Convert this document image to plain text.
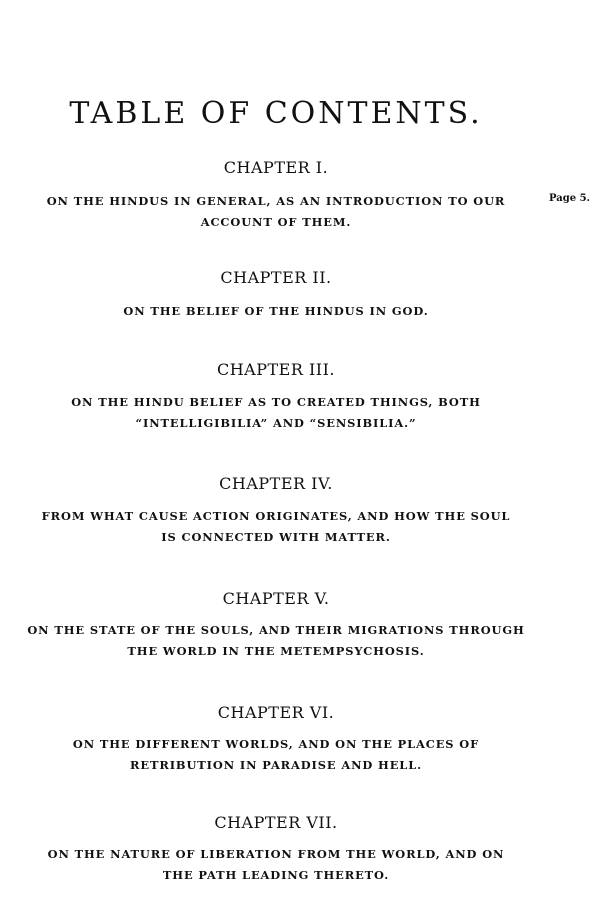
TABLE OF CONTENTS.
CHAPTER I.
ON THE HINDUS IN GENERAL, AS AN INTRODUCTION TO OUR
ACCOUNT OF THEM.
Page 5.
CHAPTER II.
ON THE BELIEF OF THE HINDUS IN GOD.
CHAPTER III.
ON THE HINDU BELIEF AS TO CREATED THINGS, BOTH
“INTELLIGIBILIA” AND “SENSIBILIA.”
CHAPTER IV.
FROM WHAT CAUSE ACTION ORIGINATES, AND HOW THE SOUL
IS CONNECTED WITH MATTER.
CHAPTER V.
ON THE STATE OF THE SOULS, AND THEIR MIGRATIONS THROUGH
THE WORLD IN THE METEMPSYCHOSIS.
CHAPTER VI.
ON THE DIFFERENT WORLDS, AND ON THE PLACES OF
RETRIBUTION IN PARADISE AND HELL.
CHAPTER VII.
ON THE NATURE OF LIBERATION FROM THE WORLD, AND ON
THE PATH LEADING THERETO.
